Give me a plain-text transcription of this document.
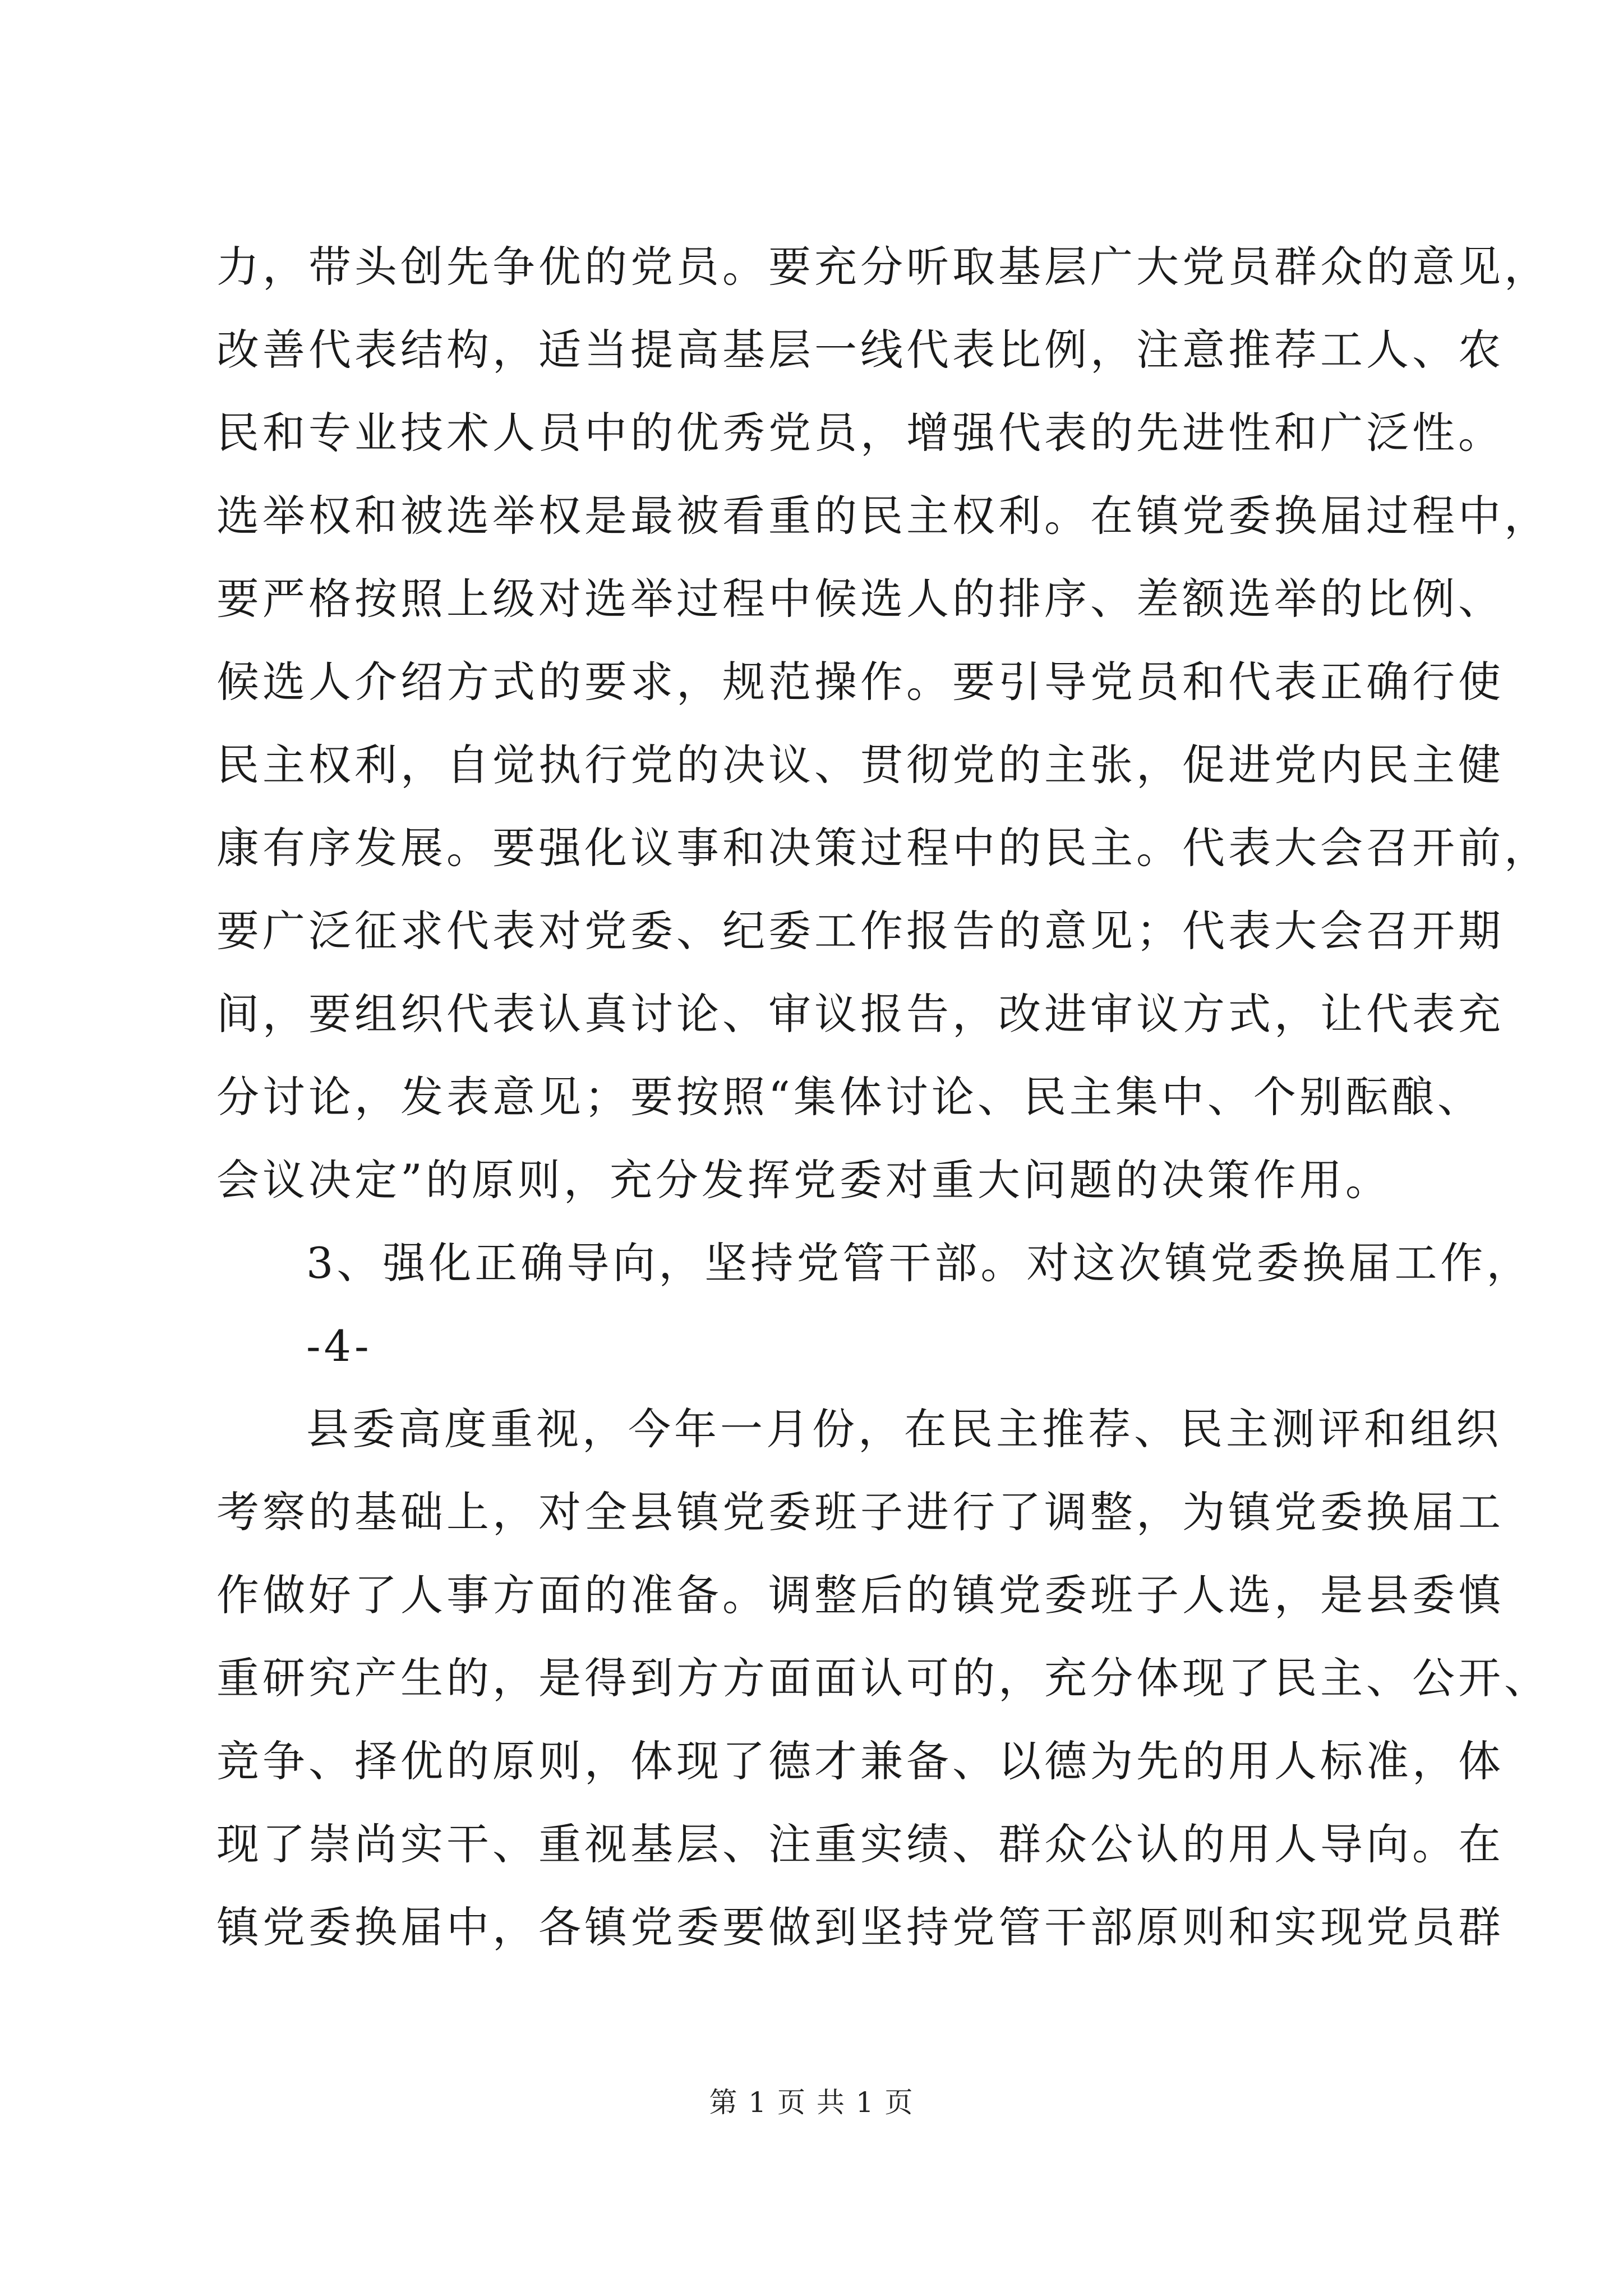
力，带头创先争优的党员。要充分听取基层广大党员群众的意见，
改善代表结构，适当提高基层一线代表比例，注意推荐工人、农
民和专业技术人员中的优秀党员，增强代表的先进性和广泛性。
选举权和被选举权是最被看重的民主权利。在镇党委换届过程中，
要严格按照上级对选举过程中候选人的排序、差额选举的比例、
候选人介绍方式的要求，规范操作。要引导党员和代表正确行使
民主权利，自觉执行党的决议、贯彻党的主张，促进党内民主健
康有序发展。要强化议事和决策过程中的民主。代表大会召开前，
要广泛征求代表对党委、纪委工作报告的意见；代表大会召开期
间，要组织代表认真讨论、审议报告，改进审议方式，让代表充
分讨论，发表意见；要按照“集体讨论、民主集中、个别酝酿、
会议决定”的原则，充分发挥党委对重大问题的决策作用。
3、强化正确导向，坚持党管干部。对这次镇党委换届工作，
-4-
县委高度重视，今年一月份，在民主推荐、民主测评和组织
考察的基础上，对全县镇党委班子进行了调整，为镇党委换届工
作做好了人事方面的准备。调整后的镇党委班子人选，是县委慎
重研究产生的，是得到方方面面认可的，充分体现了民主、公开、
竞争、择优的原则，体现了德才兼备、以德为先的用人标准，体
现了崇尚实干、重视基层、注重实绩、群众公认的用人导向。在
镇党委换届中，各镇党委要做到坚持党管干部原则和实现党员群
第 1 页 共 1 页
